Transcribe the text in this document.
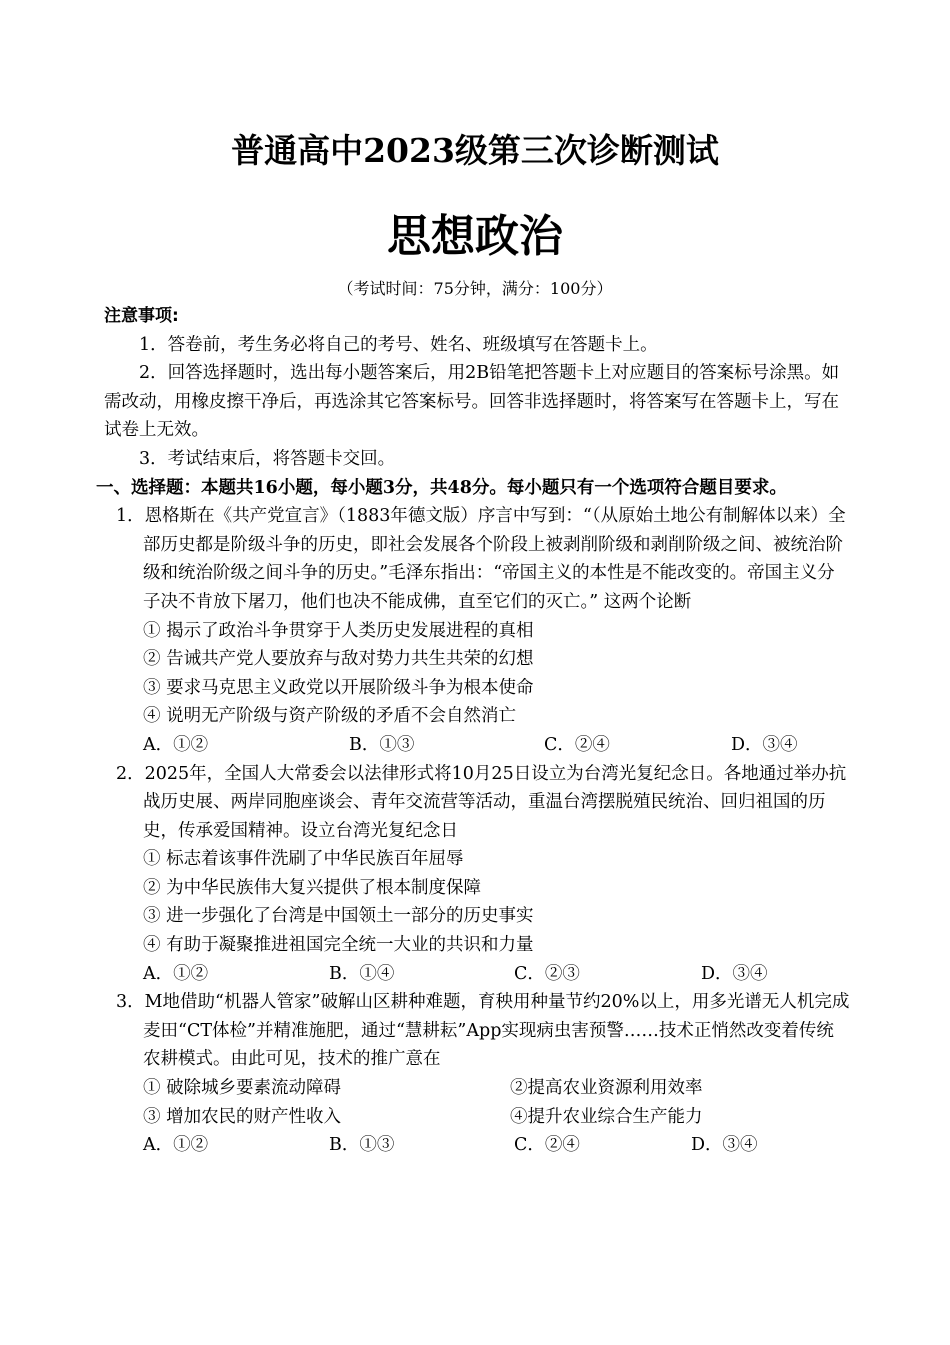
普通高中2023级第三次诊断测试
思想政治
（考试时间：75分钟，满分：100分）
注意事项:
1．答卷前，考生务必将自己的考号、姓名、班级填写在答题卡上。
2．回答选择题时，选出每小题答案后，用2B铅笔把答题卡上对应题目的答案标号涂黑。如需改动，用橡皮擦干净后，再选涂其它答案标号。回答非选择题时，将答案写在答题卡上，写在试卷上无效。
3．考试结束后，将答题卡交回。
一、选择题：本题共16小题，每小题3分，共48分。每小题只有一个选项符合题目要求。
1．恩格斯在《共产党宣言》（1883年德文版）序言中写到：“（从原始土地公有制解体以来）全部历史都是阶级斗争的历史，即社会发展各个阶段上被剥削阶级和剥削阶级之间、被统治阶级和统治阶级之间斗争的历史。”毛泽东指出：“帝国主义的本性是不能改变的。帝国主义分子决不肯放下屠刀，他们也决不能成佛，直至它们的灭亡。” 这两个论断
① 揭示了政治斗争贯穿于人类历史发展进程的真相
② 告诫共产党人要放弃与敌对势力共生共荣的幻想
③ 要求马克思主义政党以开展阶级斗争为根本使命
④ 说明无产阶级与资产阶级的矛盾不会自然消亡
A．①②	B．①③	C．②④	D．③④
2．2025年，全国人大常委会以法律形式将10月25日设立为台湾光复纪念日。各地通过举办抗战历史展、两岸同胞座谈会、青年交流营等活动，重温台湾摆脱殖民统治、回归祖国的历史，传承爱国精神。设立台湾光复纪念日
① 标志着该事件洗刷了中华民族百年屈辱
② 为中华民族伟大复兴提供了根本制度保障
③ 进一步强化了台湾是中国领土一部分的历史事实
④ 有助于凝聚推进祖国完全统一大业的共识和力量
A．①②	B．①④	C．②③	D．③④
3．M地借助“机器人管家”破解山区耕种难题，育秧用种量节约20%以上，用多光谱无人机完成麦田“CT体检”并精准施肥，通过“慧耕耘”App实现病虫害预警……技术正悄然改变着传统农耕模式。由此可见，技术的推广意在
① 破除城乡要素流动障碍	②提高农业资源利用效率
③ 增加农民的财产性收入	④提升农业综合生产能力
A．①②	B．①③	C．②④	D．③④
